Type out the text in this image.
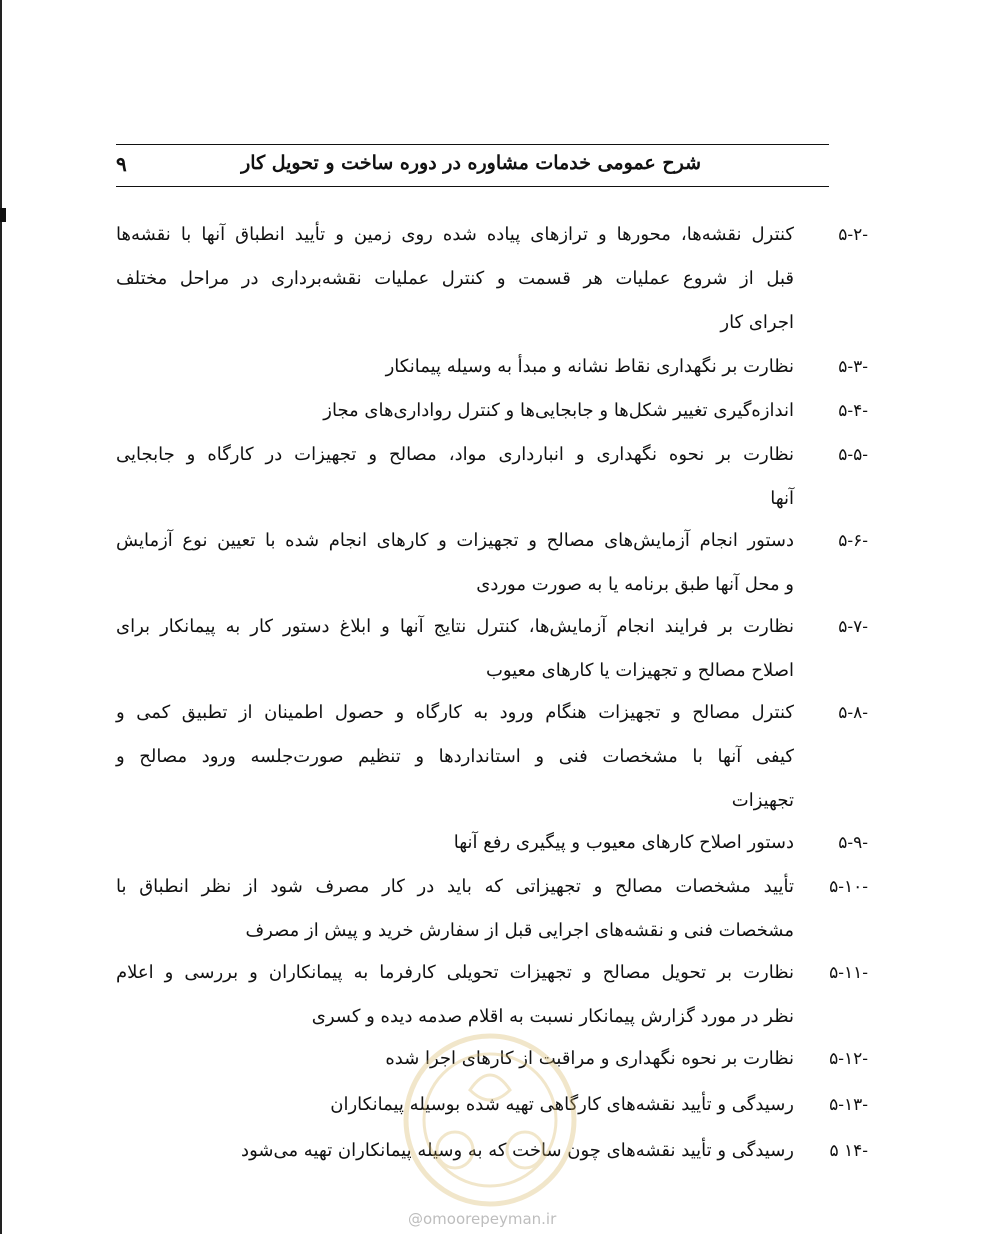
شرح عمومی خدمات مشاوره در دوره ساخت و تحویل کار
۹
۵-۲-
کنترل نقشه‌ها، محورها و ترازهای پیاده شده روی زمین و تأیید انطباق آنها با نقشه‌ها
قبل از شروع عملیات هر قسمت و کنترل عملیات نقشه‌برداری در مراحل مختلف
اجرای کار
۵-۳-
نظارت بر نگهداری نقاط نشانه و مبدأ به وسیله پیمانکار
۵-۴-
اندازه‌گیری تغییر شکل‌ها و جابجایی‌ها و کنترل رواداری‌های مجاز
۵-۵-
نظارت بر نحوه نگهداری و انبارداری مواد، مصالح و تجهیزات در کارگاه و جابجایی
آنها
۵-۶-
دستور انجام آزمایش‌های مصالح و تجهیزات و کارهای انجام شده با تعیین نوع آزمایش
و محل آنها طبق برنامه یا به صورت موردی
۵-۷-
نظارت بر فرایند انجام آزمایش‌ها، کنترل نتایج آنها و ابلاغ دستور کار به پیمانکار برای
اصلاح مصالح و تجهیزات یا کارهای معیوب
۵-۸-
کنترل مصالح و تجهیزات هنگام ورود به کارگاه و حصول اطمینان از تطبیق کمی و
کیفی آنها با مشخصات فنی و استانداردها و تنظیم صورت‌جلسه ورود مصالح و
تجهیزات
۵-۹-
دستور اصلاح کارهای معیوب و پیگیری رفع آنها
۵-۱۰-
تأیید مشخصات مصالح و تجهیزاتی که باید در کار مصرف شود از نظر انطباق با
مشخصات فنی و نقشه‌های اجرایی قبل از سفارش خرید و پیش از مصرف
۵-۱۱-
نظارت بر تحویل مصالح و تجهیزات تحویلی کارفرما به پیمانکاران و بررسی و اعلام
نظر در مورد گزارش پیمانکار نسبت به اقلام صدمه دیده و کسری
۵-۱۲-
نظارت بر نحوه نگهداری و مراقبت از کارهای اجرا شده
۵-۱۳-
رسیدگی و تأیید نقشه‌های کارگاهی تهیه شده بوسیله پیمانکاران
۵ ۱۴-
رسیدگی و تأیید نقشه‌های چون ساخت که به وسیله پیمانکاران تهیه می‌شود
@omoorepeyman.ir
